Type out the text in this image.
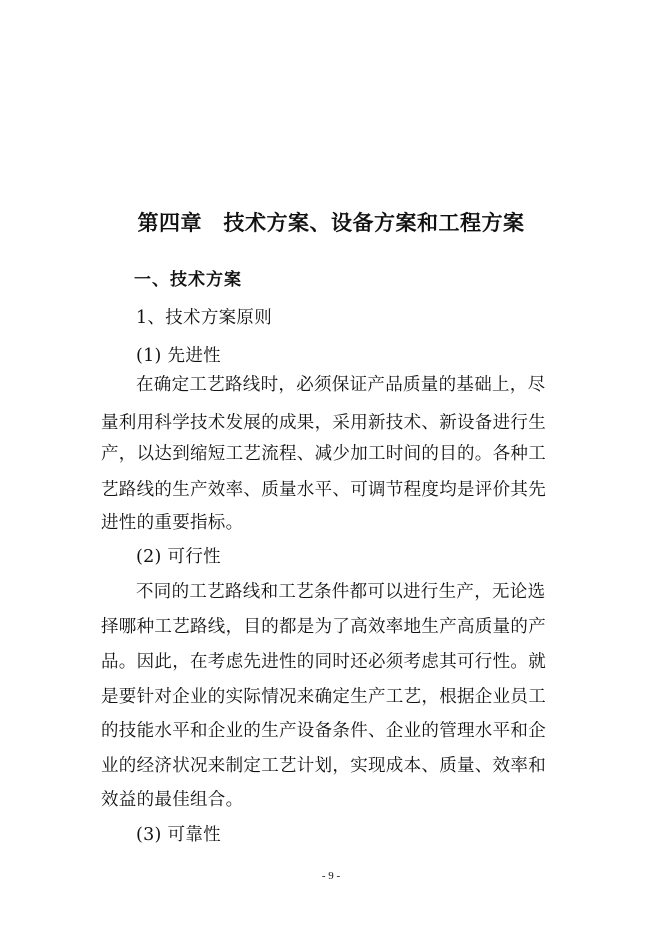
第四章　技术方案、设备方案和工程方案
一、技术方案
1、技术方案原则
(1) 先进性
在确定工艺路线时，必须保证产品质量的基础上，尽
量利用科学技术发展的成果，采用新技术、新设备进行生
产，以达到缩短工艺流程、减少加工时间的目的。各种工
艺路线的生产效率、质量水平、可调节程度均是评价其先
进性的重要指标。
(2) 可行性
不同的工艺路线和工艺条件都可以进行生产，无论选
择哪种工艺路线，目的都是为了高效率地生产高质量的产
品。因此，在考虑先进性的同时还必须考虑其可行性。就
是要针对企业的实际情况来确定生产工艺，根据企业员工
的技能水平和企业的生产设备条件、企业的管理水平和企
业的经济状况来制定工艺计划，实现成本、质量、效率和
效益的最佳组合。
(3) 可靠性
- 9 -
